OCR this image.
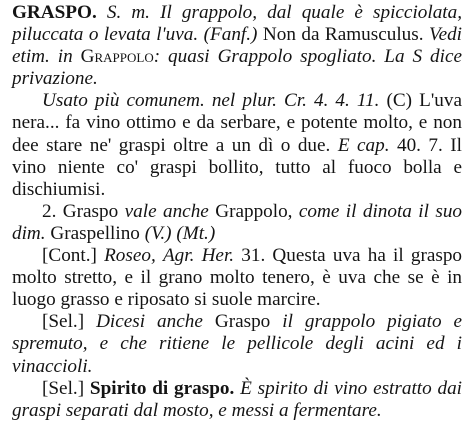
GRASPO. S. m. Il grappolo, dal quale è spicciolata, piluccata o levata l'uva. (Fanf.) Non da Ramusculus. Vedi etim. in Grappolo: quasi Grappolo spogliato. La S dice privazione.

Usato più comunem. nel plur. Cr. 4. 4. 11. (C) L'uva nera... fa vino ottimo e da serbare, e potente molto, e non dee stare ne' graspi oltre a un dì o due. E cap. 40. 7. Il vino niente co' graspi bollito, tutto al fuoco bolla e dischiumisi.

2. Graspo vale anche Grappolo, come il dinota il suo dim. Graspellino (V.) (Mt.)

[Cont.] Roseo, Agr. Her. 31. Questa uva ha il graspo molto stretto, e il grano molto tenero, è uva che se è in luogo grasso e riposato si suole marcire.

[Sel.] Dicesi anche Graspo il grappolo pigiato e spremuto, e che ritiene le pellicole degli acini ed i vinaccioli.

[Sel.] Spirito di graspo. È spirito di vino estratto dai graspi separati dal mosto, e messi a fermentare.
